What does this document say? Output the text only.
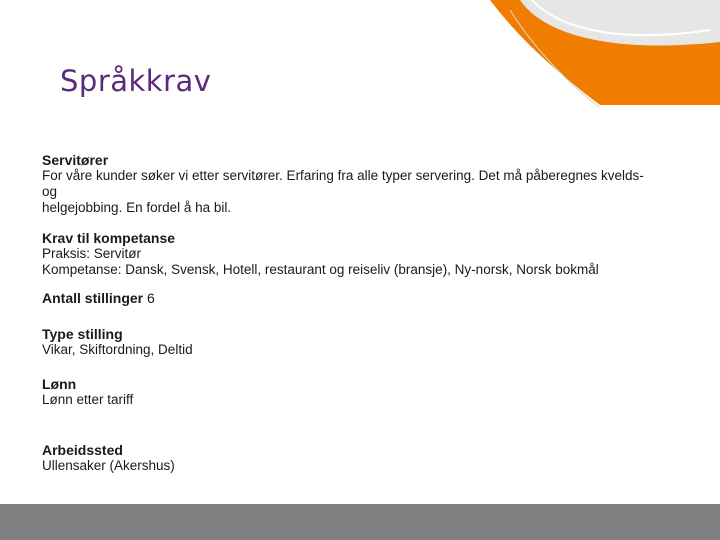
Språkkrav
Servitører
For våre kunder søker vi etter servitører. Erfaring fra alle typer servering. Det må påberegnes kvelds- og
helgejobbing. En fordel å ha bil.
Krav til kompetanse
Praksis: Servitør
Kompetanse: Dansk, Svensk, Hotell, restaurant og reiseliv (bransje), Ny-norsk, Norsk bokmål
Antall stillinger 6
Type stilling
Vikar, Skiftordning, Deltid
Lønn
Lønn etter tariff
Arbeidssted
Ullensaker (Akershus)
